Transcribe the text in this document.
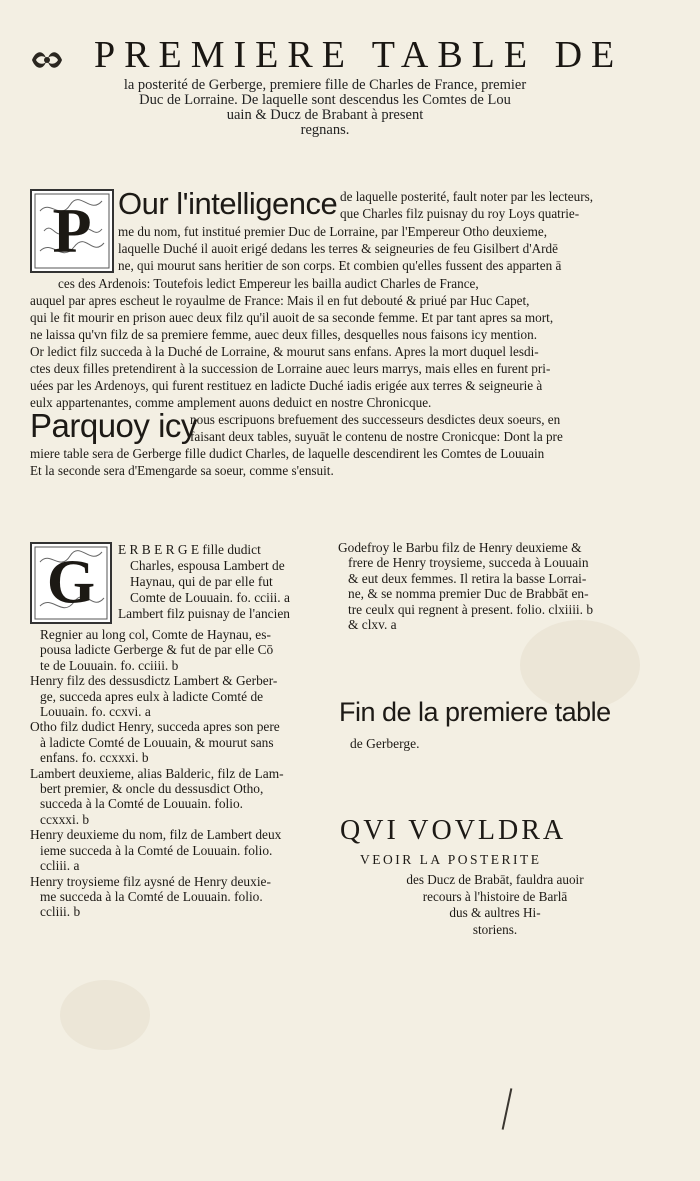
PREMIERE TABLE DE
la posterité de Gerberge, premiere fille de Charles de France, premier
Duc de Lorraine. De laquelle sont descendus les Comtes de Lou
uain & Ducz de Brabant à present
regnans.
P Our l'intelligence de laquelle posterité, fault noter par les lecteurs,
que Charles filz puisnay du roy Loys quatrie-
me du nom, fut institué premier Duc de Lorraine, par l'Empereur Otho deuxieme,
laquelle Duché il auoit erigé dedans les terres & seigneuries de feu Gisilbert d'Ardē
ne, qui mourut sans heritier de son corps. Et combien qu'elles fussent des apparten ā
ces des Ardenois: Toutefois ledict Empereur les bailla audict Charles de France,
auquel par apres escheut le royaulme de France: Mais il en fut debouté & priué par Huc Capet,
qui le fit mourir en prison auec deux filz qu'il auoit de sa seconde femme. Et par tant apres sa mort,
ne laissa qu'vn filz de sa premiere femme, auec deux filles, desquelles nous faisons icy mention.
Or ledict filz succeda à la Duché de Lorraine, & mourut sans enfans. Apres la mort duquel lesdi-
ctes deux filles pretendirent à la succession de Lorraine auec leurs marrys, mais elles en furent pri-
uées par les Ardenoys, qui furent restituez en ladicte Duché iadis erigée aux terres & seigneurie à
eulx appartenantes, comme amplement auons deduict en nostre Chronicque.
Parquoy icy
nous escripuons brefuement des successeurs desdictes deux soeurs, en
faisant deux tables, suyuāt le contenu de nostre Cronicque: Dont la pre
miere table sera de Gerberge fille dudict Charles, de laquelle descendirent les Comtes de Louuain
Et la seconde sera d'Emengarde sa soeur, comme s'ensuit.
G	E R B E R G E fille dudict
Charles, espousa Lambert de
Haynau, qui de par elle fut
Comte de Louuain. fo. cciii. a
Lambert filz puisnay de l'ancien
Regnier au long col, Comte de Haynau, es-
pousa ladicte Gerberge & fut de par elle Cō
te de Louuain. fo. cciiii. b
Henry filz des dessusdictz Lambert & Gerber-
ge, succeda apres eulx à ladicte Comté de
Louuain. fo. ccxvi. a
Otho filz dudict Henry, succeda apres son pere
à ladicte Comté de Louuain, & mourut sans
enfans. fo. ccxxxi. b
Lambert deuxieme, alias Balderic, filz de Lam-
bert premier, & oncle du dessusdict Otho,
succeda à la Comté de Louuain. folio.
ccxxxi. b
Henry deuxieme du nom, filz de Lambert deux
ieme succeda à la Comté de Louuain. folio.
ccliii. a
Henry troysieme filz aysné de Henry deuxie-
me succeda à la Comté de Louuain. folio.
ccliii. b
Godefroy le Barbu filz de Henry deuxieme &
frere de Henry troysieme, succeda à Louuain
& eut deux femmes. Il retira la basse Lorrai-
ne, & se nomma premier Duc de Brabbāt en-
tre ceulx qui regnent à present. folio. clxiiii. b
& clxv. a
Fin de la premiere table
de Gerberge.
QVI VOVLDRA
VEOIR LA POSTERITE
des Ducz de Brabāt, fauldra auoir
recours à l'histoire de Barlā
dus & aultres Hi-
storiens.
